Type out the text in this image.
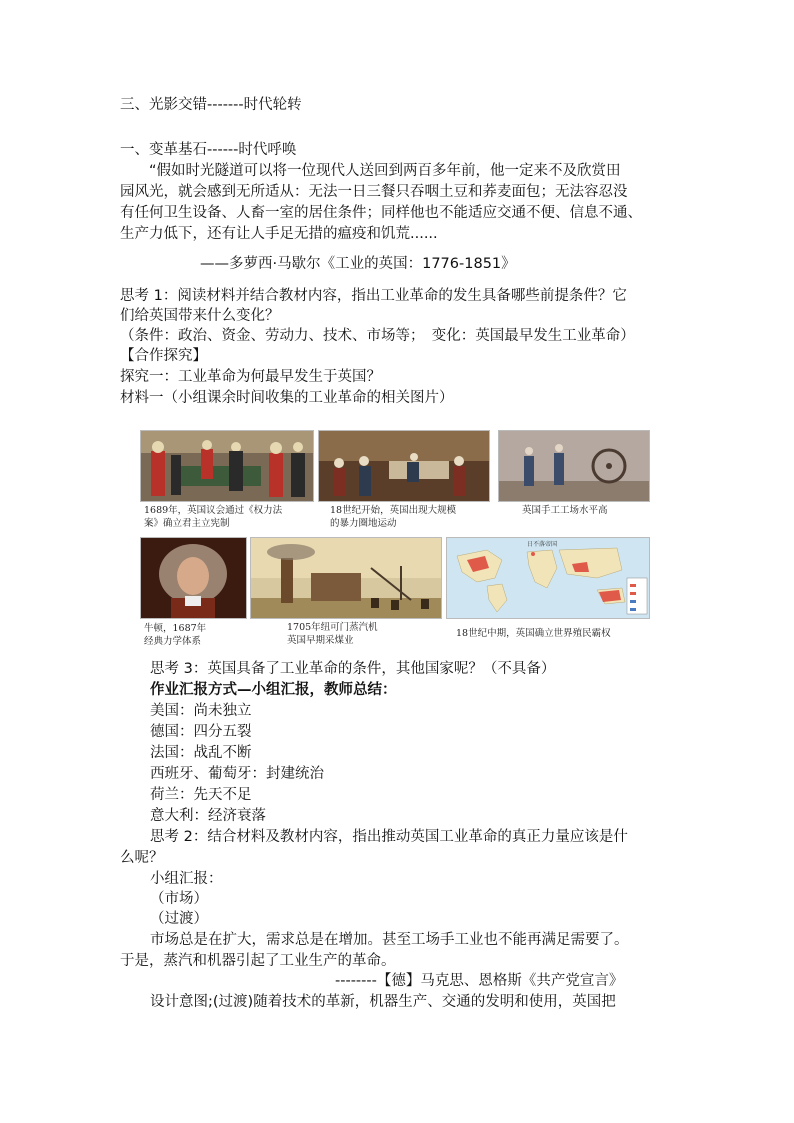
三、光影交错-------时代轮转
一、变革基石------时代呼唤
　　“假如时光隧道可以将一位现代人送回到两百多年前，他一定来不及欣赏田
园风光，就会感到无所适从：无法一日三餐只吞咽土豆和荞麦面包；无法容忍没
有任何卫生设备、人畜一室的居住条件；同样他也不能适应交通不便、信息不通、
生产力低下，还有让人手足无措的瘟疫和饥荒......
——多萝西·马歇尔《工业的英国：1776-1851》
思考 1：阅读材料并结合教材内容，指出工业革命的发生具备哪些前提条件？它
们给英国带来什么变化？
（条件：政治、资金、劳动力、技术、市场等；　变化：英国最早发生工业革命）
【合作探究】
探究一：工业革命为何最早发生于英国？
材料一（小组课余时间收集的工业革命的相关图片）
1689年，英国议会通过《权力法
案》确立君主立宪制
18世纪开始，英国出现大规模
的暴力圈地运动
英国手工工场水平高
牛顿，1687年
经典力学体系
1705年纽可门蒸汽机
英国早期采煤业
日不落帝国
18世纪中期，英国确立世界殖民霸权
思考 3：英国具备了工业革命的条件，其他国家呢？（不具备）
作业汇报方式—小组汇报，教师总结：
美国：尚未独立
德国：四分五裂
法国：战乱不断
西班牙、葡萄牙：封建统治
荷兰：先天不足
意大利：经济衰落
思考 2：结合材料及教材内容，指出推动英国工业革命的真正力量应该是什
么呢？
小组汇报：
（市场）
（过渡）
市场总是在扩大，需求总是在增加。甚至工场手工业也不能再满足需要了。
于是，蒸汽和机器引起了工业生产的革命。
--------【德】马克思、恩格斯《共产党宣言》
设计意图;(过渡)随着技术的革新，机器生产、交通的发明和使用，英国把
